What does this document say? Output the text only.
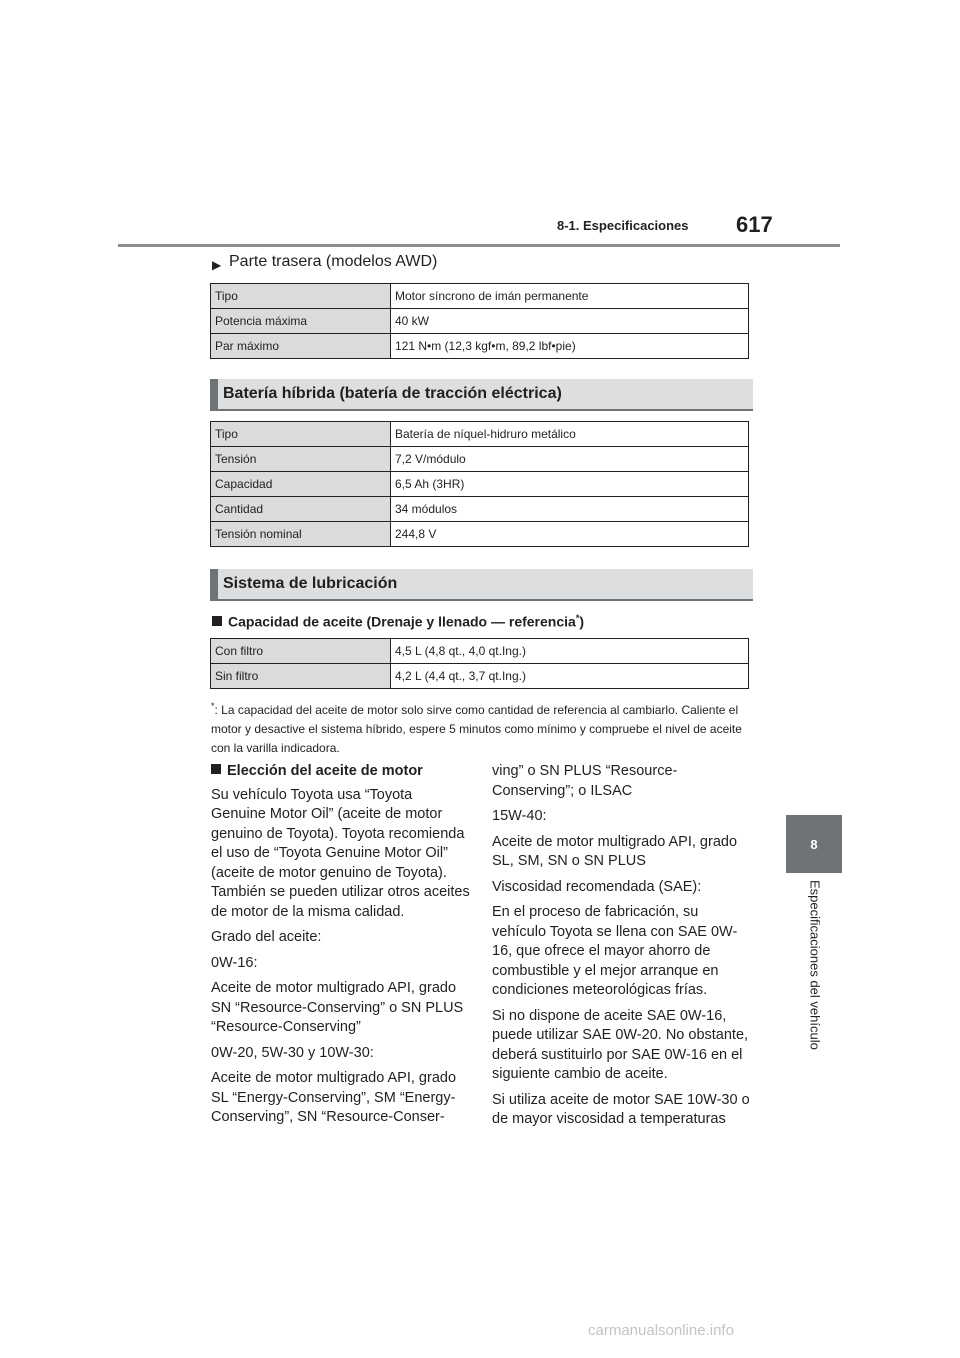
8-1. Especificaciones 617
8
Especificaciones del vehículo
▶ Parte trasera (modelos AWD)
Tipo	Motor síncrono de imán permanente
Potencia máxima	40 kW
Par máximo	121 N•m (12,3 kgf•m, 89,2 lbf•pie)
Batería híbrida (batería de tracción eléctrica)
Tipo	Batería de níquel-hidruro metálico
Tensión	7,2 V/módulo
Capacidad	6,5 Ah (3HR)
Cantidad	34 módulos
Tensión nominal	244,8 V
Sistema de lubricación
Capacidad de aceite (Drenaje y llenado — referencia*)
Con filtro	4,5 L (4,8 qt., 4,0 qt.Ing.)
Sin filtro	4,2 L (4,4 qt., 3,7 qt.Ing.)
*: La capacidad del aceite de motor solo sirve como cantidad de referencia al cambiarlo. Caliente el motor y desactive el sistema híbrido, espere 5 minutos como mínimo y compruebe el nivel de aceite con la varilla indicadora.

Elección del aceite de motor

Su vehículo Toyota usa “Toyota Genuine Motor Oil” (aceite de motor genuino de Toyota). Toyota recomienda el uso de “Toyota Genuine Motor Oil” (aceite de motor genuino de Toyota). También se pueden utilizar otros aceites de motor de la misma calidad.

Grado del aceite:

0W-16:

Aceite de motor multigrado API, grado SN “Resource-Conserving” o SN PLUS “Resource-Conserving”

0W-20, 5W-30 y 10W-30:

Aceite de motor multigrado API, grado SL “Energy-Conserving”, SM “Energy-Conserving”, SN “Resource-Conser-

ving” o SN PLUS “Resource-Conserving”; o ILSAC

15W-40:

Aceite de motor multigrado API, grado SL, SM, SN o SN PLUS

Viscosidad recomendada (SAE):

En el proceso de fabricación, su vehículo Toyota se llena con SAE 0W-16, que ofrece el mayor ahorro de combustible y el mejor arranque en condiciones meteorológicas frías.

Si no dispone de aceite SAE 0W-16, puede utilizar SAE 0W-20. No obstante, deberá sustituirlo por SAE 0W-16 en el siguiente cambio de aceite.

Si utiliza aceite de motor SAE 10W-30 o de mayor viscosidad a temperaturas

carmanualsonline.info
